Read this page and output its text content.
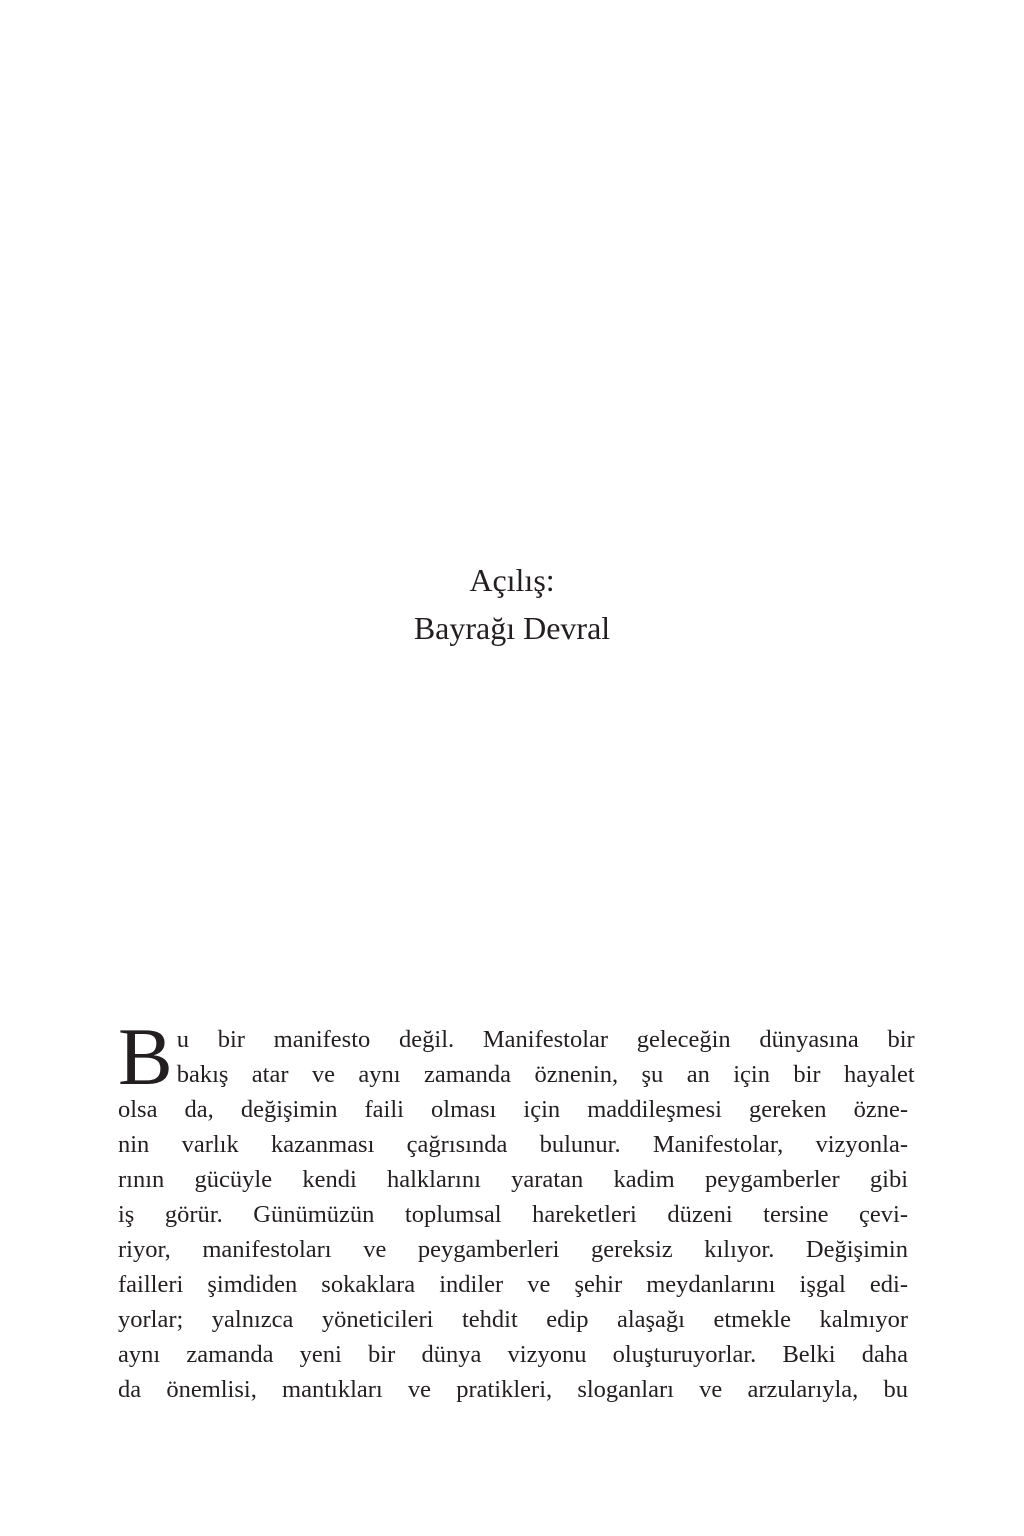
Açılış:
Bayrağı Devral
B u bir manifesto değil. Manifestolar geleceğin dünyasına bir
bakış atar ve aynı zamanda öznenin, şu an için bir hayalet
olsa da, değişimin faili olması için maddileşmesi gereken özne-
nin varlık kazanması çağrısında bulunur. Manifestolar, vizyonla-
rının gücüyle kendi halklarını yaratan kadim peygamberler gibi
iş görür. Günümüzün toplumsal hareketleri düzeni tersine çevi-
riyor, manifestoları ve peygamberleri gereksiz kılıyor. Değişimin
failleri şimdiden sokaklara indiler ve şehir meydanlarını işgal edi-
yorlar; yalnızca yöneticileri tehdit edip alaşağı etmekle kalmıyor
aynı zamanda yeni bir dünya vizyonu oluşturuyorlar. Belki daha
da önemlisi, mantıkları ve pratikleri, sloganları ve arzularıyla, bu
